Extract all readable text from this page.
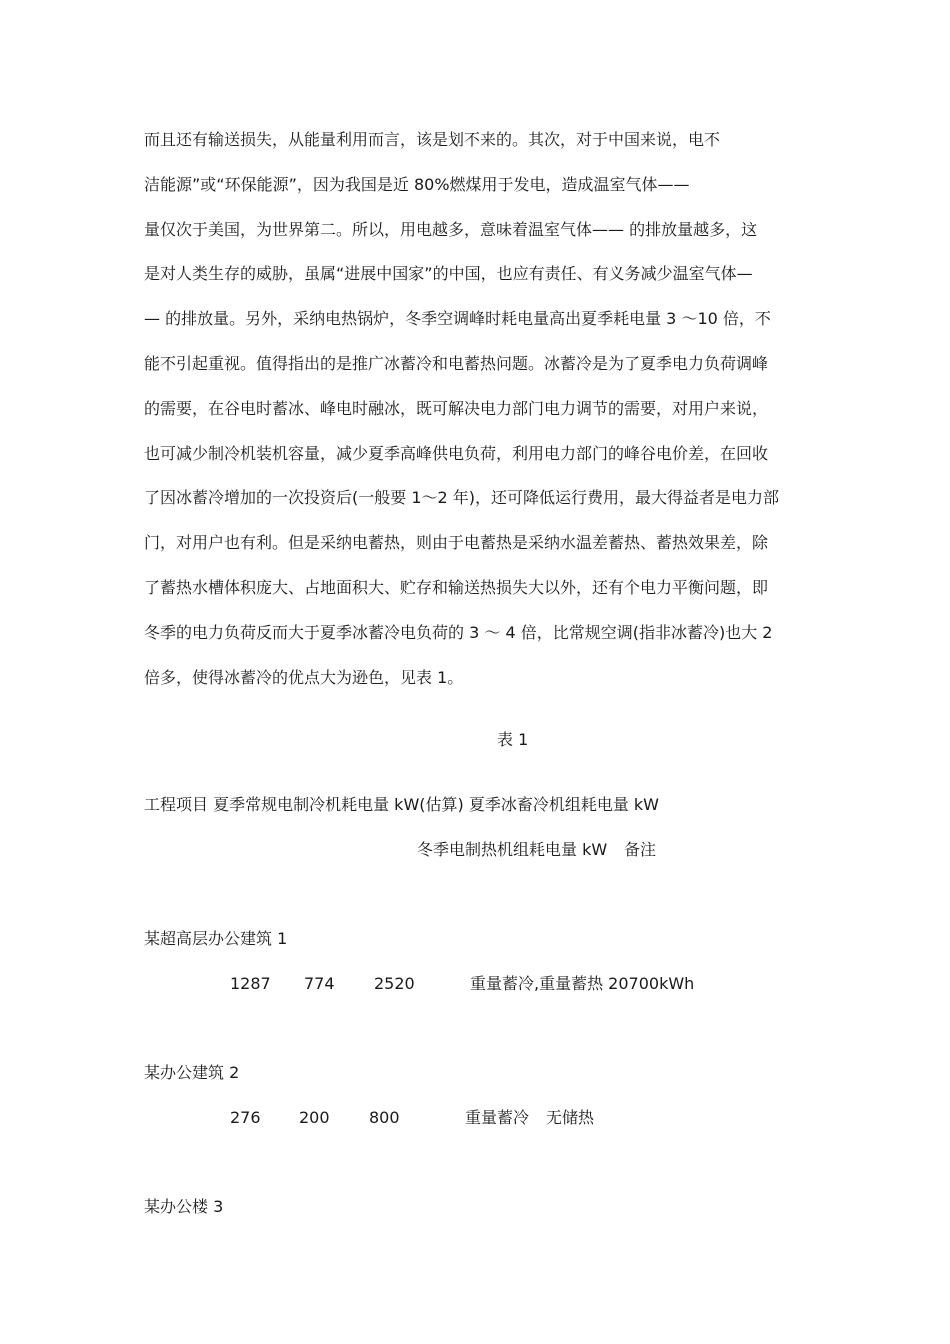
而且还有输送损失，从能量利用而言，该是划不来的。其次，对于中国来说，电不
洁能源”或“环保能源”，因为我国是近 80%燃煤用于发电，造成温室气体——
量仅次于美国，为世界第二。所以，用电越多，意味着温室气体—— 的排放量越多，这
是对人类生存的威胁，虽属“进展中国家”的中国，也应有责任、有义务减少温室气体—
— 的排放量。另外，采纳电热锅炉，冬季空调峰时耗电量高出夏季耗电量 3 ～10 倍，不
能不引起重视。值得指出的是推广冰蓄冷和电蓄热问题。冰蓄冷是为了夏季电力负荷调峰
的需要，在谷电时蓄冰、峰电时融冰，既可解决电力部门电力调节的需要，对用户来说，
也可减少制冷机装机容量，减少夏季高峰供电负荷，利用电力部门的峰谷电价差，在回收
了因冰蓄冷增加的一次投资后(一般要 1～2 年)，还可降低运行费用，最大得益者是电力部
门，对用户也有利。但是采纳电蓄热，则由于电蓄热是采纳水温差蓄热、蓄热效果差，除
了蓄热水槽体积庞大、占地面积大、贮存和输送热损失大以外，还有个电力平衡问题，即
冬季的电力负荷反而大于夏季冰蓄冷电负荷的 3 ～ 4 倍，比常规空调(指非冰蓄冷)也大 2
倍多，使得冰蓄冷的优点大为逊色，见表 1。
表 1
工程项目 夏季常规电制冷机耗电量 kW(估算) 夏季冰畜冷机组耗电量 kW
冬季电制热机组耗电量 kW 备注
某超高层办公建筑 1
1287 774 2520	重量蓄冷,重量蓄热 20700kWh
某办公建筑 2
276 200 800	重量蓄冷 无储热
某办公楼 3
